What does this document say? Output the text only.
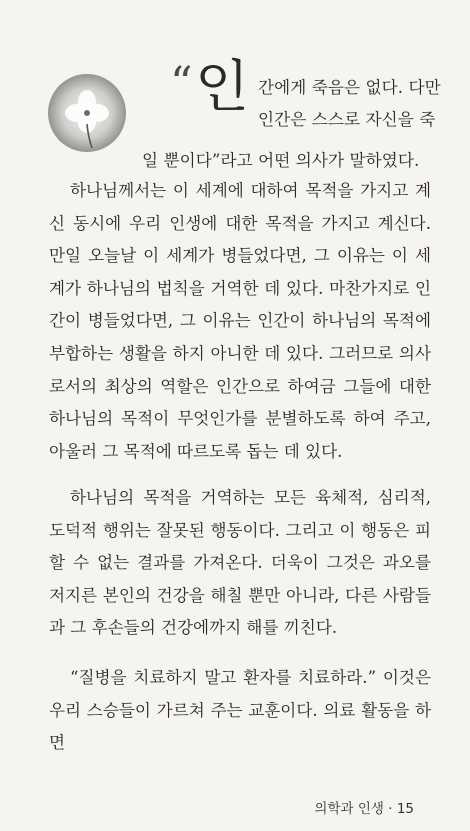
“ 인 간에게 죽음은 없다. 다만
인간은 스스로 자신을 죽
일 뿐이다”라고 어떤 의사가 말하였다.

하나님께서는 이 세계에 대하여 목적을 가지고 계신 동시에 우리 인생에 대한 목적을 가지고 계신다. 만일 오늘날 이 세계가 병들었다면, 그 이유는 이 세계가 하나님의 법칙을 거역한 데 있다. 마찬가지로 인간이 병들었다면, 그 이유는 인간이 하나님의 목적에 부합하는 생활을 하지 아니한 데 있다. 그러므로 의사로서의 최상의 역할은 인간으로 하여금 그들에 대한 하나님의 목적이 무엇인가를 분별하도록 하여 주고, 아울러 그 목적에 따르도록 돕는 데 있다.

하나님의 목적을 거역하는 모든 육체적, 심리적, 도덕적 행위는 잘못된 행동이다. 그리고 이 행동은 피할 수 없는 결과를 가져온다. 더욱이 그것은 과오를 저지른 본인의 건강을 해칠 뿐만 아니라, 다른 사람들과 그 후손들의 건강에까지 해를 끼친다.

“질병을 치료하지 말고 환자를 치료하라.” 이것은 우리 스승들이 가르쳐 주는 교훈이다. 의료 활동을 하면

의학과 인생 · 15
